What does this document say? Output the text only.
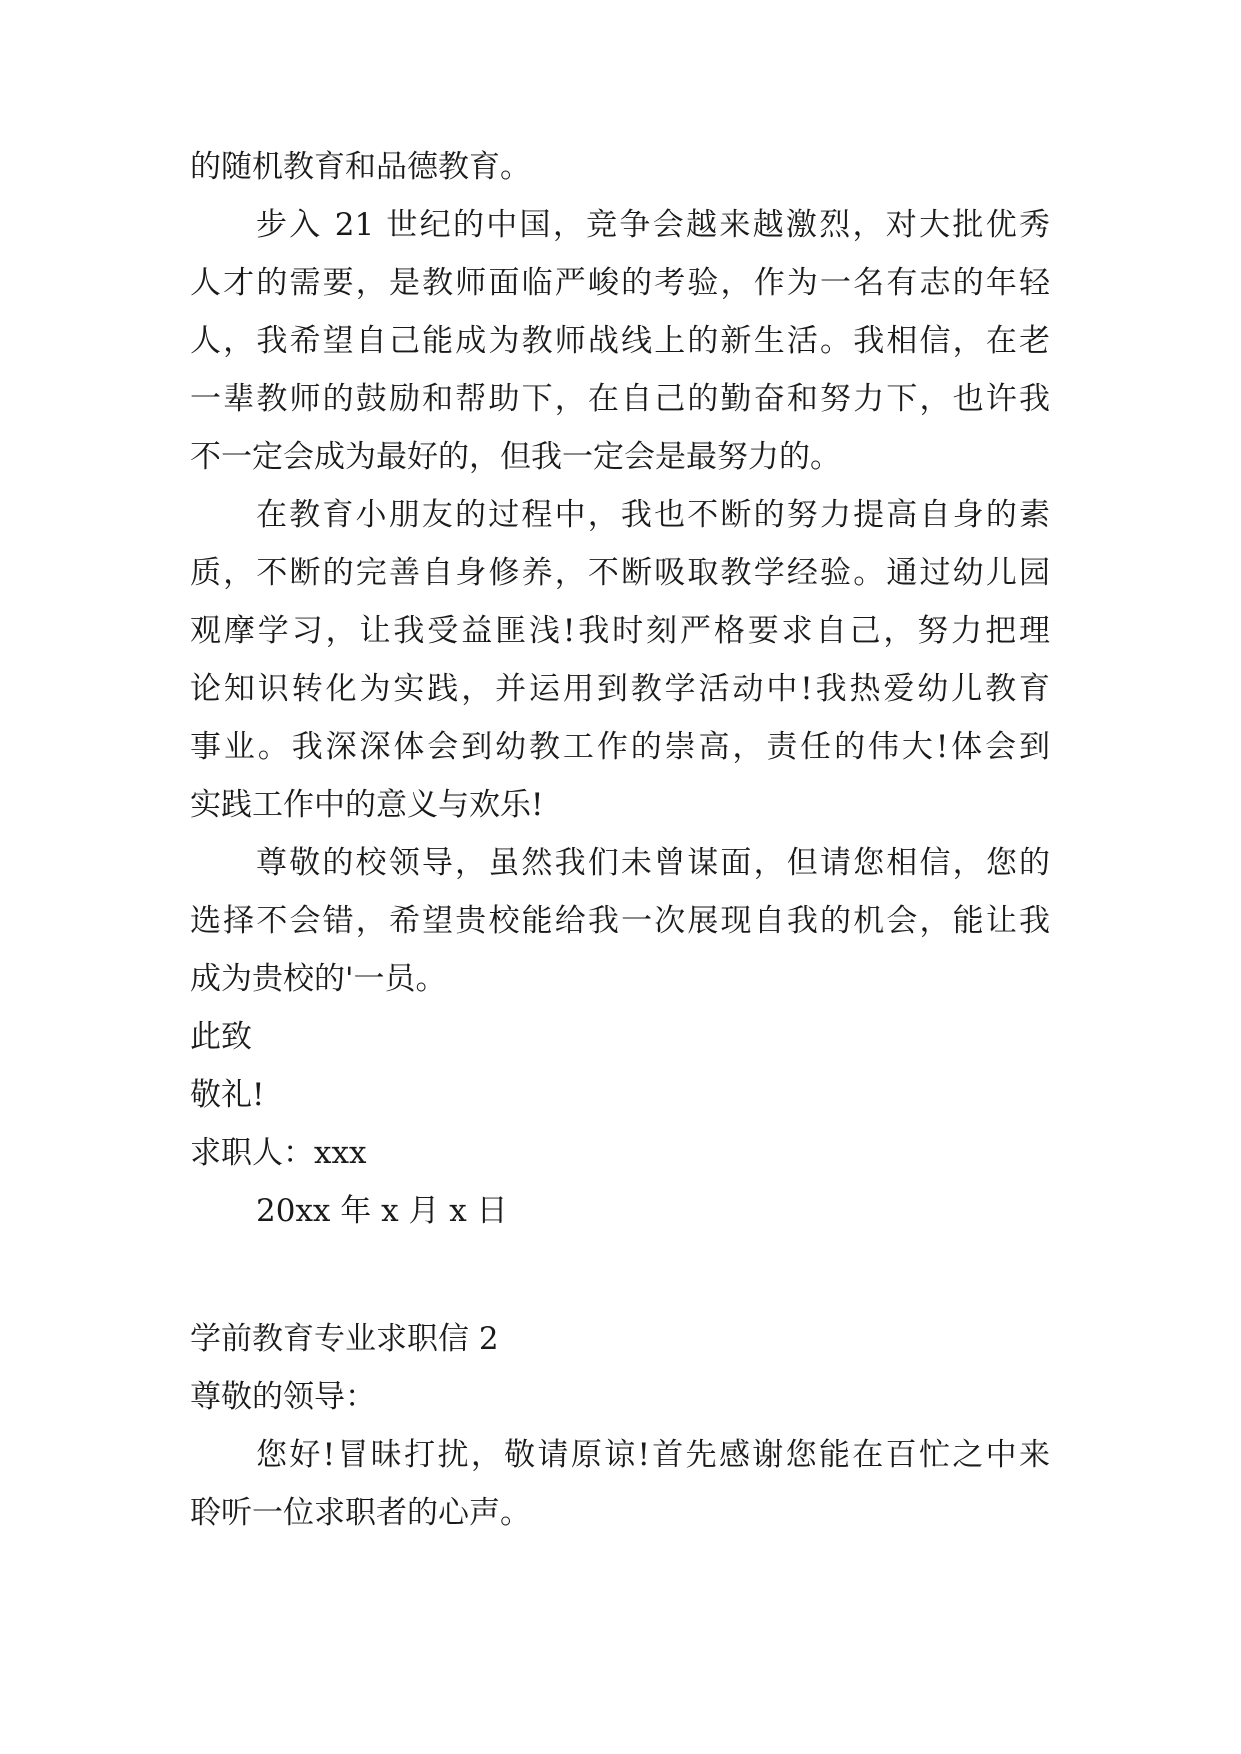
的随机教育和品德教育。
步入 21 世纪的中国，竞争会越来越激烈，对大批优秀
人才的需要，是教师面临严峻的考验，作为一名有志的年轻
人，我希望自己能成为教师战线上的新生活。我相信，在老
一辈教师的鼓励和帮助下，在自己的勤奋和努力下，也许我
不一定会成为最好的，但我一定会是最努力的。
在教育小朋友的过程中，我也不断的努力提高自身的素
质，不断的完善自身修养，不断吸取教学经验。通过幼儿园
观摩学习，让我受益匪浅!我时刻严格要求自己，努力把理
论知识转化为实践，并运用到教学活动中!我热爱幼儿教育
事业。我深深体会到幼教工作的崇高，责任的伟大!体会到
实践工作中的意义与欢乐!
尊敬的校领导，虽然我们未曾谋面，但请您相信，您的
选择不会错，希望贵校能给我一次展现自我的机会，能让我
成为贵校的'一员。
此致
敬礼!
求职人：xxx
20xx 年 x 月 x 日
学前教育专业求职信 2
尊敬的领导：
您好!冒昧打扰，敬请原谅!首先感谢您能在百忙之中来
聆听一位求职者的心声。
